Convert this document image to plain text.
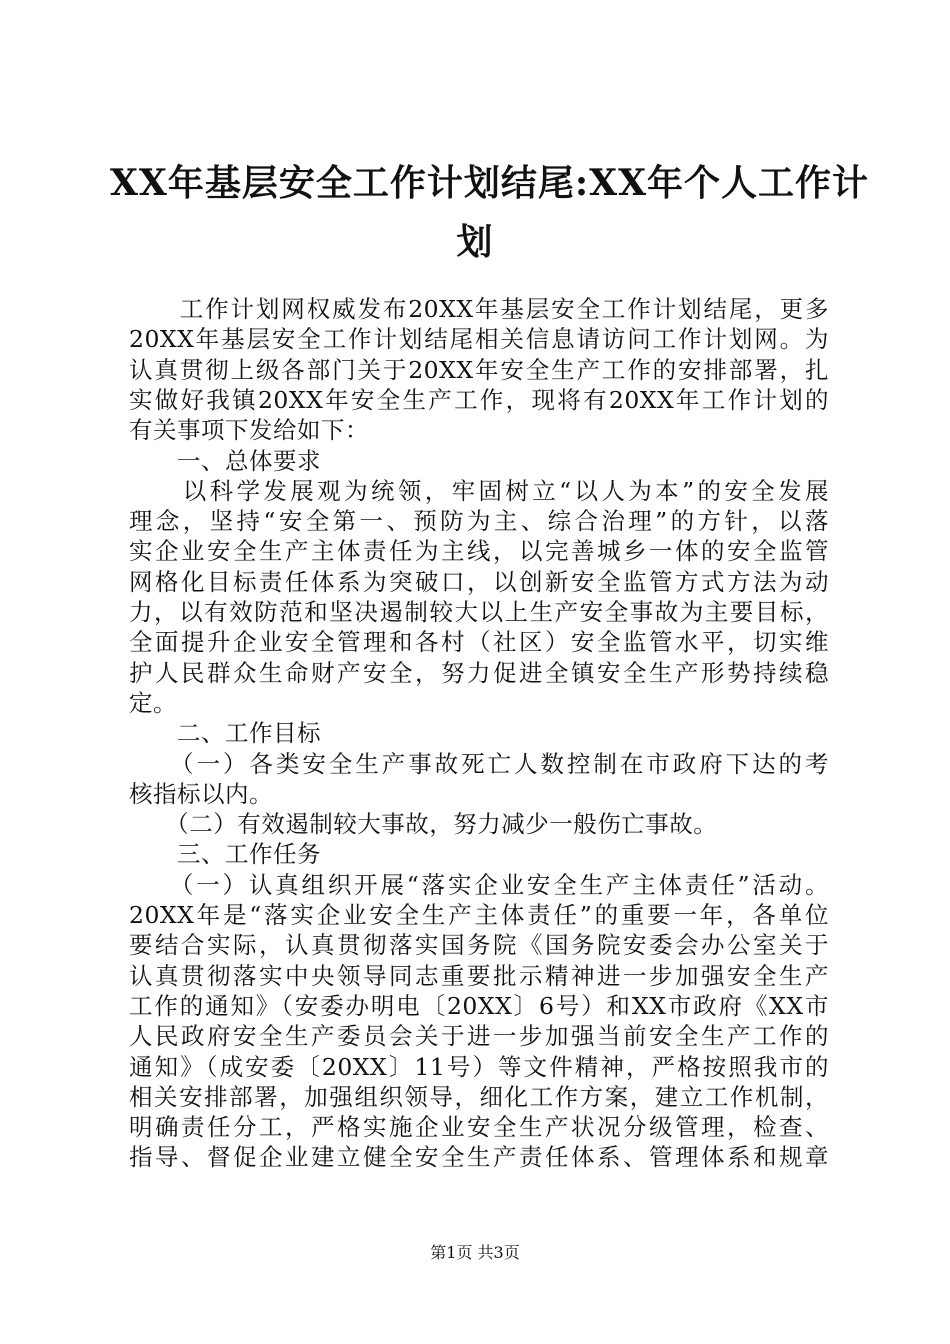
XX年基层安全工作计划结尾:XX年个人工作计
划
　　工作计划网权威发布20XX年基层安全工作计划结尾，更多
20XX年基层安全工作计划结尾相关信息请访问工作计划网。为
认真贯彻上级各部门关于20XX年安全生产工作的安排部署，扎
实做好我镇20XX年安全生产工作，现将有20XX年工作计划的
有关事项下发给如下：
　　一、总体要求
　　以科学发展观为统领，牢固树立“以人为本”的安全发展
理念，坚持“安全第一、预防为主、综合治理”的方针，以落
实企业安全生产主体责任为主线，以完善城乡一体的安全监管
网格化目标责任体系为突破口，以创新安全监管方式方法为动
力，以有效防范和坚决遏制较大以上生产安全事故为主要目标，
全面提升企业安全管理和各村（社区）安全监管水平，切实维
护人民群众生命财产安全，努力促进全镇安全生产形势持续稳
定。
　　二、工作目标
　　（一）各类安全生产事故死亡人数控制在市政府下达的考
核指标以内。
　　（二）有效遏制较大事故，努力减少一般伤亡事故。
　　三、工作任务
　　（一）认真组织开展“落实企业安全生产主体责任”活动。
20XX年是“落实企业安全生产主体责任”的重要一年，各单位
要结合实际，认真贯彻落实国务院《国务院安委会办公室关于
认真贯彻落实中央领导同志重要批示精神进一步加强安全生产
工作的通知》（安委办明电〔20XX〕6号）和XX市政府《XX市
人民政府安全生产委员会关于进一步加强当前安全生产工作的
通知》（成安委〔20XX〕11号）等文件精神，严格按照我市的
相关安排部署，加强组织领导，细化工作方案，建立工作机制，
明确责任分工，严格实施企业安全生产状况分级管理，检查、
指导、督促企业建立健全安全生产责任体系、管理体系和规章
第1页 共3页
